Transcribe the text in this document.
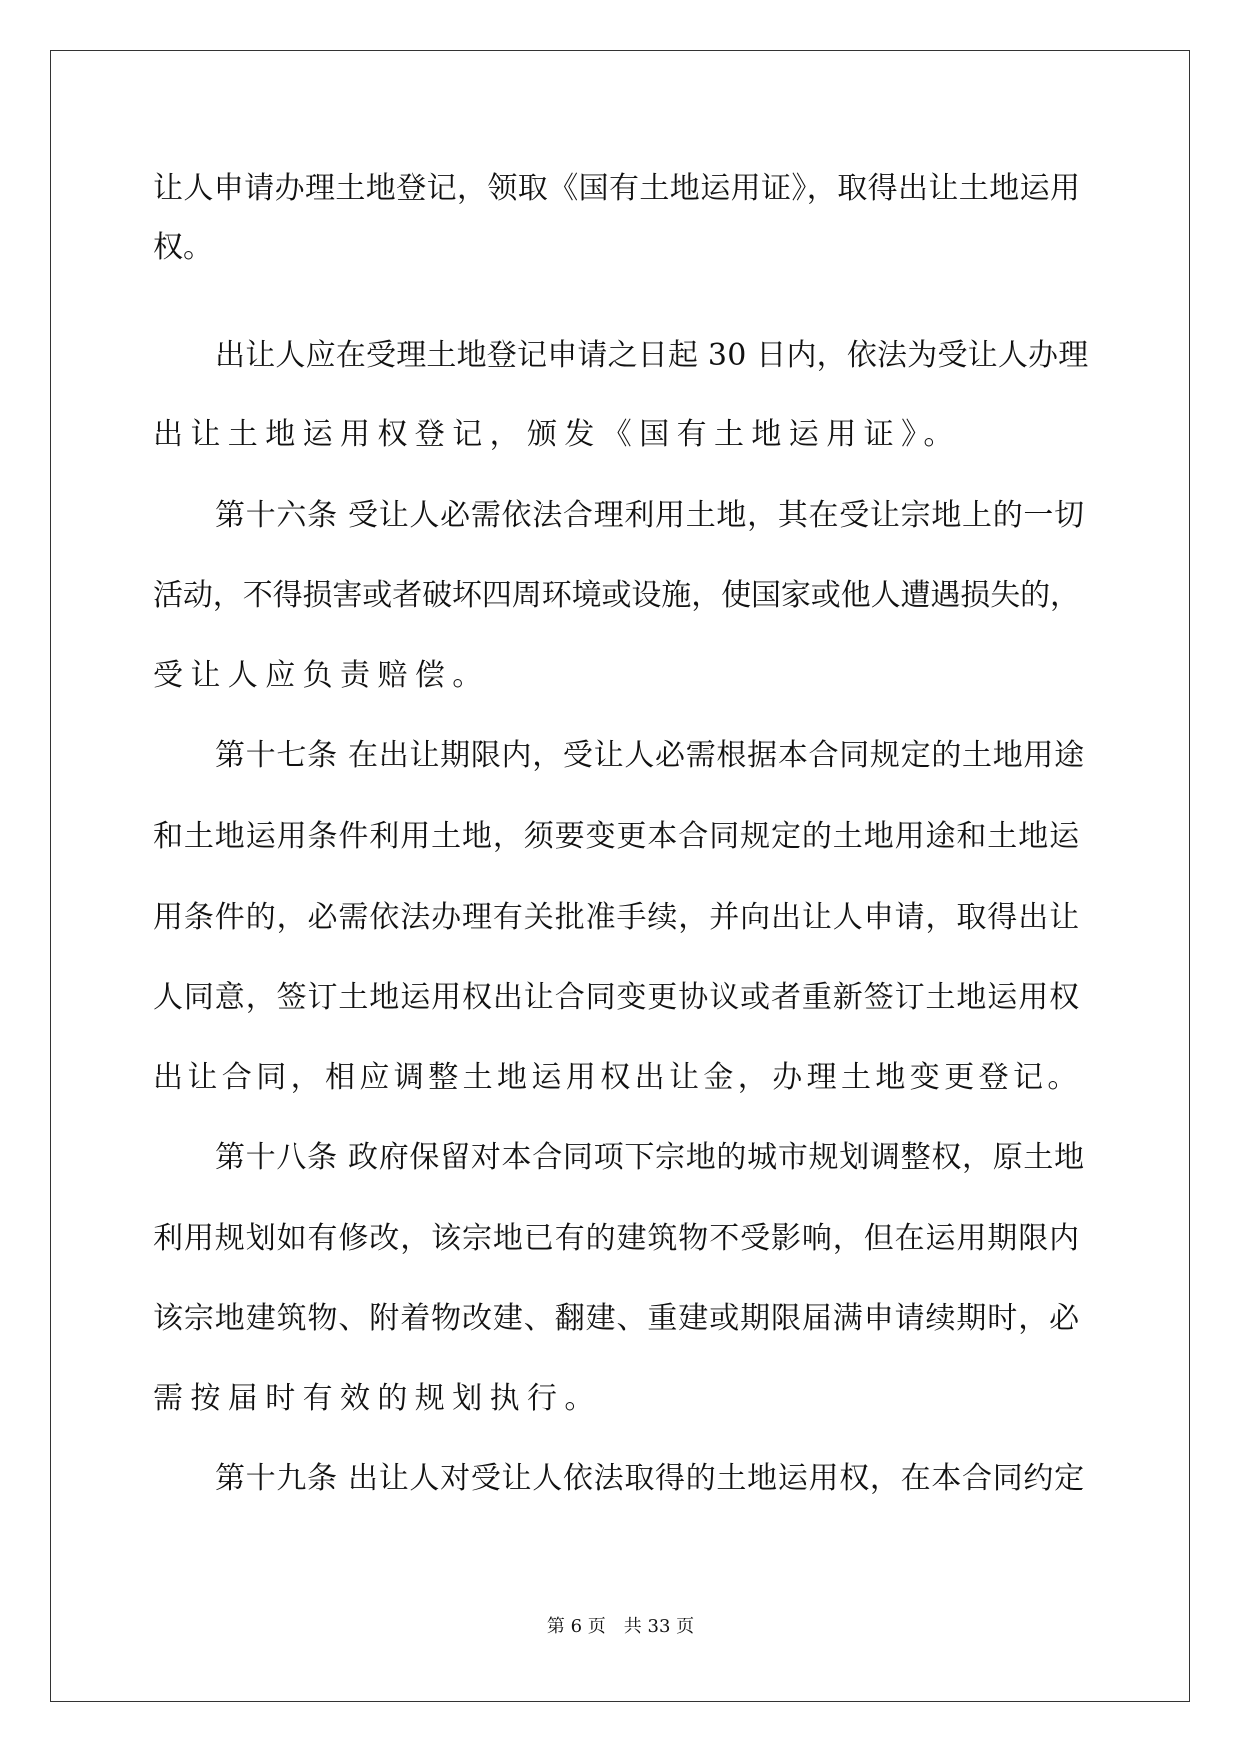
让人申请办理土地登记，领取《国有土地运用证》，取得出让土地运用
权。
出让人应在受理土地登记申请之日起 30 日内，依法为受让人办理
出让土地运用权登记，颁发《国有土地运用证》。
第十六条 受让人必需依法合理利用土地，其在受让宗地上的一切
活动，不得损害或者破坏四周环境或设施，使国家或他人遭遇损失的，
受让人应负责赔偿。
第十七条 在出让期限内，受让人必需根据本合同规定的土地用途
和土地运用条件利用土地，须要变更本合同规定的土地用途和土地运
用条件的，必需依法办理有关批准手续，并向出让人申请，取得出让
人同意，签订土地运用权出让合同变更协议或者重新签订土地运用权
出让合同，相应调整土地运用权出让金，办理土地变更登记。
第十八条 政府保留对本合同项下宗地的城市规划调整权，原土地
利用规划如有修改，该宗地已有的建筑物不受影响，但在运用期限内
该宗地建筑物、附着物改建、翻建、重建或期限届满申请续期时，必
需按届时有效的规划执行。
第十九条 出让人对受让人依法取得的土地运用权，在本合同约定
第 6 页 共 33 页
